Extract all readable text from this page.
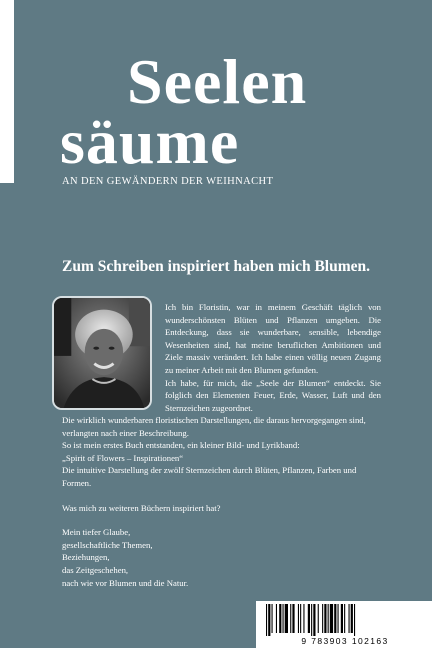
Seelen
säume
AN DEN GEWÄNDERN DER WEIHNACHT
Zum Schreiben inspiriert haben mich Blumen.

Ich bin Floristin, war in meinem Geschäft täglich von wunderschönsten Blüten und Pflanzen umgeben. Die Entdeckung, dass sie wunderbare, sensible, lebendige Wesenheiten sind, hat meine beruflichen Ambitionen und Ziele massiv verändert. Ich habe einen völlig neuen Zugang zu meiner Arbeit mit den Blumen gefunden.

Ich habe, für mich, die „Seele der Blumen“ entdeckt. Sie folglich den Elementen Feuer, Erde, Wasser, Luft und den Sternzeichen zugeordnet.

Die wirklich wunderbaren floristischen Darstellungen, die daraus hervorgegangen sind, verlangten nach einer Beschreibung.

So ist mein erstes Buch entstanden, ein kleiner Bild- und Lyrikband:

„Spirit of Flowers – Inspirationen“

Die intuitive Darstellung der zwölf Sternzeichen durch Blüten, Pflanzen, Farben und Formen.

Was mich zu weiteren Büchern inspiriert hat?

Mein tiefer Glaube,

gesellschaftliche Themen,

Beziehungen,

das Zeitgeschehen,

nach wie vor Blumen und die Natur.

9 783903 102163
